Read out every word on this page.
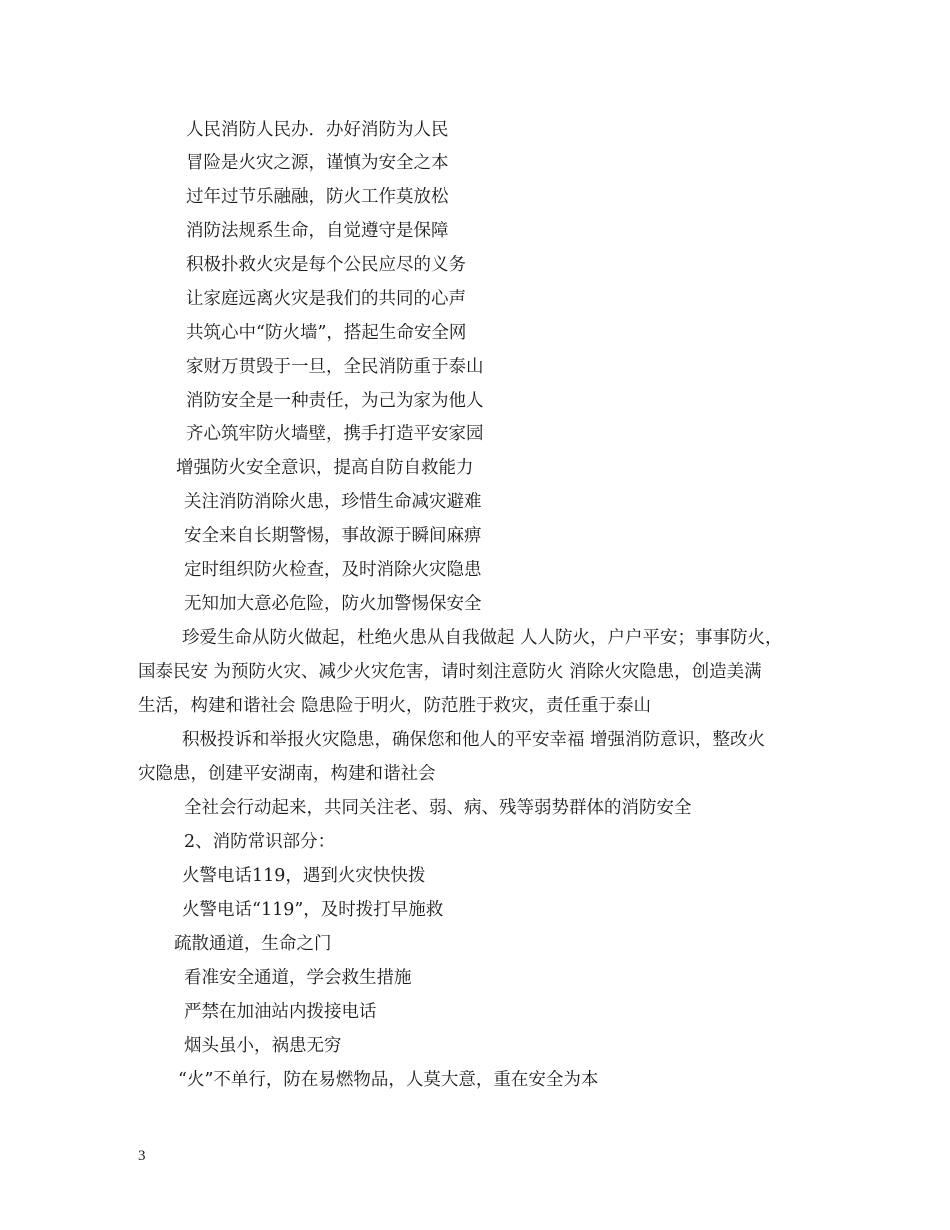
人民消防人民办．办好消防为人民
冒险是火灾之源，谨慎为安全之本
过年过节乐融融，防火工作莫放松
消防法规系生命，自觉遵守是保障
积极扑救火灾是每个公民应尽的义务
让家庭远离火灾是我们的共同的心声
共筑心中“防火墙”，搭起生命安全网
家财万贯毁于一旦，全民消防重于泰山
消防安全是一种责任，为己为家为他人
齐心筑牢防火墙壁，携手打造平安家园
增强防火安全意识，提高自防自救能力
关注消防消除火患，珍惜生命减灾避难
安全来自长期警惕，事故源于瞬间麻痹
定时组织防火检查，及时消除火灾隐患
无知加大意必危险，防火加警惕保安全
珍爱生命从防火做起，杜绝火患从自我做起 人人防火，户户平安；事事防火，
国泰民安 为预防火灾、减少火灾危害，请时刻注意防火 消除火灾隐患，创造美满
生活，构建和谐社会 隐患险于明火，防范胜于救灾，责任重于泰山
积极投诉和举报火灾隐患，确保您和他人的平安幸福 增强消防意识，整改火
灾隐患，创建平安湖南，构建和谐社会
全社会行动起来，共同关注老、弱、病、残等弱势群体的消防安全
2、消防常识部分：
火警电话119，遇到火灾快快拨
火警电话“119”，及时拨打早施救
疏散通道，生命之门
看准安全通道，学会救生措施
严禁在加油站内拨接电话
烟头虽小，祸患无穷
“火”不单行，防在易燃物品，人莫大意，重在安全为本
3
